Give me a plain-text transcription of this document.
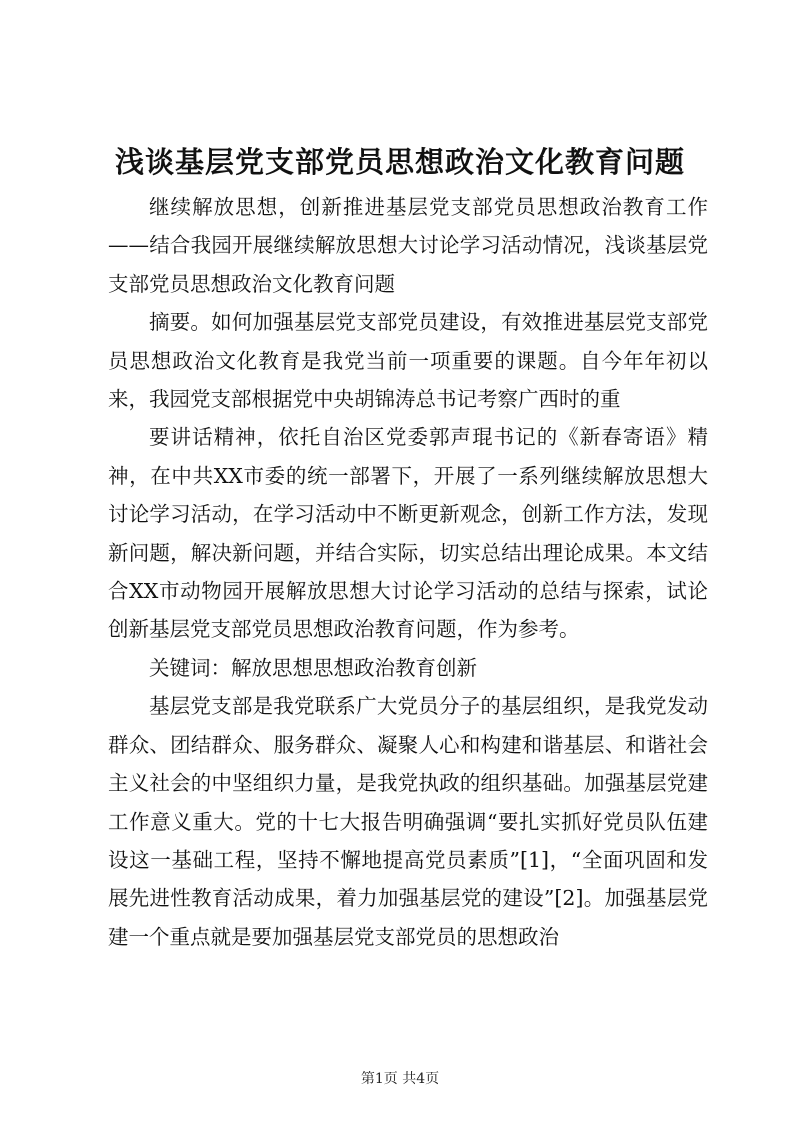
浅谈基层党支部党员思想政治文化教育问题

继续解放思想，创新推进基层党支部党员思想政治教育工作——结合我园开展继续解放思想大讨论学习活动情况，浅谈基层党支部党员思想政治文化教育问题

摘要。如何加强基层党支部党员建设，有效推进基层党支部党员思想政治文化教育是我党当前一项重要的课题。自今年年初以来，我园党支部根据党中央胡锦涛总书记考察广西时的重

要讲话精神，依托自治区党委郭声琨书记的《新春寄语》精神，在中共XX市委的统一部署下，开展了一系列继续解放思想大讨论学习活动，在学习活动中不断更新观念，创新工作方法，发现新问题，解决新问题，并结合实际，切实总结出理论成果。本文结合XX市动物园开展解放思想大讨论学习活动的总结与探索，试论创新基层党支部党员思想政治教育问题，作为参考。

关键词：解放思想思想政治教育创新

基层党支部是我党联系广大党员分子的基层组织，是我党发动群众、团结群众、服务群众、凝聚人心和构建和谐基层、和谐社会主义社会的中坚组织力量，是我党执政的组织基础。加强基层党建工作意义重大。党的十七大报告明确强调“要扎实抓好党员队伍建设这一基础工程，坚持不懈地提高党员素质”[1]，“全面巩固和发展先进性教育活动成果，着力加强基层党的建设”[2]。加强基层党建一个重点就是要加强基层党支部党员的思想政治

第1页 共4页
